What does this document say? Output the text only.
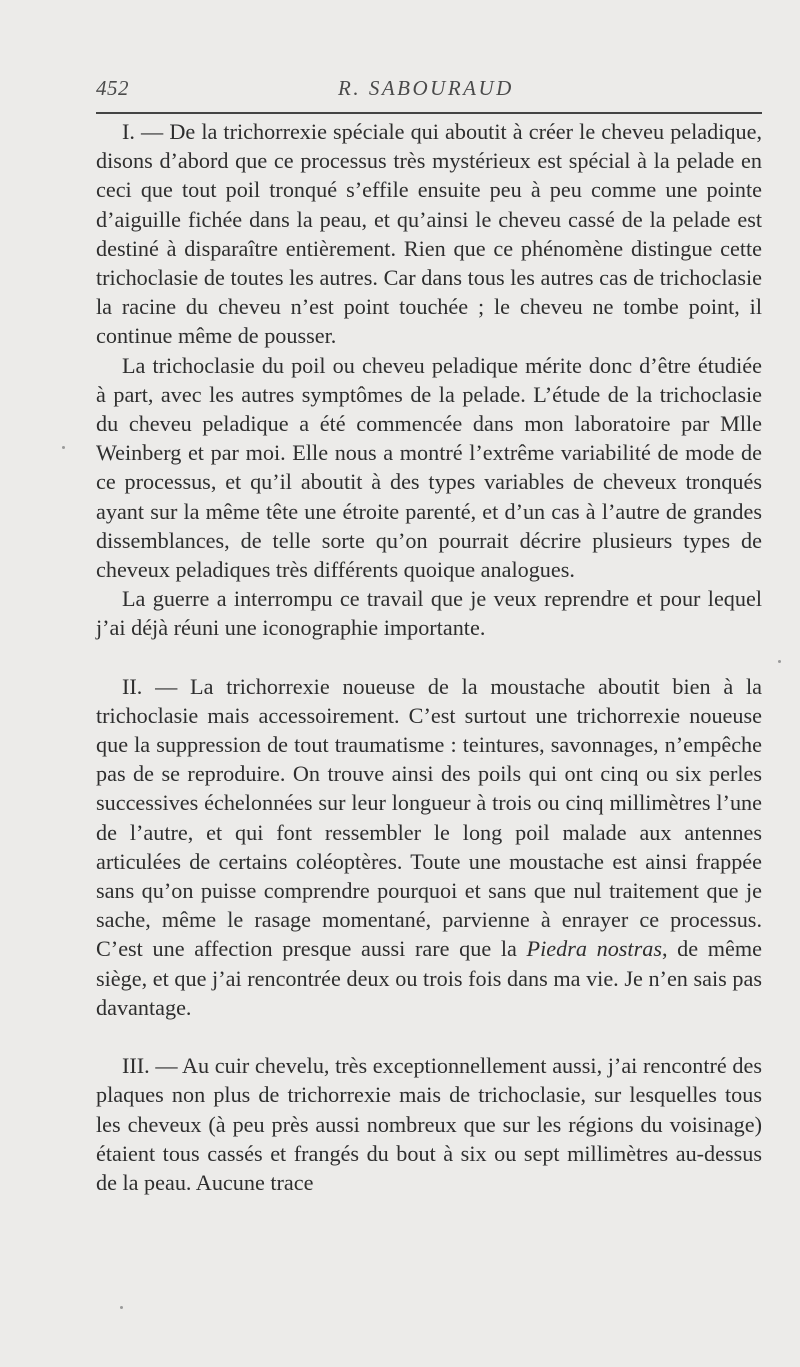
452	R. SABOURAUD

I. — De la trichorrexie spéciale qui aboutit à créer le cheveu peladique, disons d’abord que ce processus très mystérieux est spécial à la pelade en ceci que tout poil tronqué s’effile ensuite peu à peu comme une pointe d’aiguille fichée dans la peau, et qu’ainsi le cheveu cassé de la pelade est destiné à disparaître entièrement. Rien que ce phénomène distingue cette trichoclasie de toutes les autres. Car dans tous les autres cas de trichoclasie la racine du cheveu n’est point touchée ; le cheveu ne tombe point, il continue même de pousser.

La trichoclasie du poil ou cheveu peladique mérite donc d’être étudiée à part, avec les autres symptômes de la pelade. L’étude de la trichoclasie du cheveu peladique a été commencée dans mon laboratoire par Mlle Weinberg et par moi. Elle nous a montré l’extrême variabilité de mode de ce processus, et qu’il aboutit à des types variables de cheveux tronqués ayant sur la même tête une étroite parenté, et d’un cas à l’autre de grandes dissemblances, de telle sorte qu’on pourrait décrire plusieurs types de cheveux peladiques très différents quoique analogues.

La guerre a interrompu ce travail que je veux reprendre et pour lequel j’ai déjà réuni une iconographie importante.

II. — La trichorrexie noueuse de la moustache aboutit bien à la trichoclasie mais accessoirement. C’est surtout une trichorrexie noueuse que la suppression de tout traumatisme : teintures, savonnages, n’empêche pas de se reproduire. On trouve ainsi des poils qui ont cinq ou six perles successives échelonnées sur leur longueur à trois ou cinq millimètres l’une de l’autre, et qui font ressembler le long poil malade aux antennes articulées de certains coléoptères. Toute une moustache est ainsi frappée sans qu’on puisse comprendre pourquoi et sans que nul traitement que je sache, même le rasage momentané, parvienne à enrayer ce processus. C’est une affection presque aussi rare que la Piedra nostras, de même siège, et que j’ai rencontrée deux ou trois fois dans ma vie. Je n’en sais pas davantage.

III. — Au cuir chevelu, très exceptionnellement aussi, j’ai rencontré des plaques non plus de trichorrexie mais de trichoclasie, sur lesquelles tous les cheveux (à peu près aussi nombreux que sur les régions du voisinage) étaient tous cassés et frangés du bout à six ou sept millimètres au-dessus de la peau. Aucune trace
